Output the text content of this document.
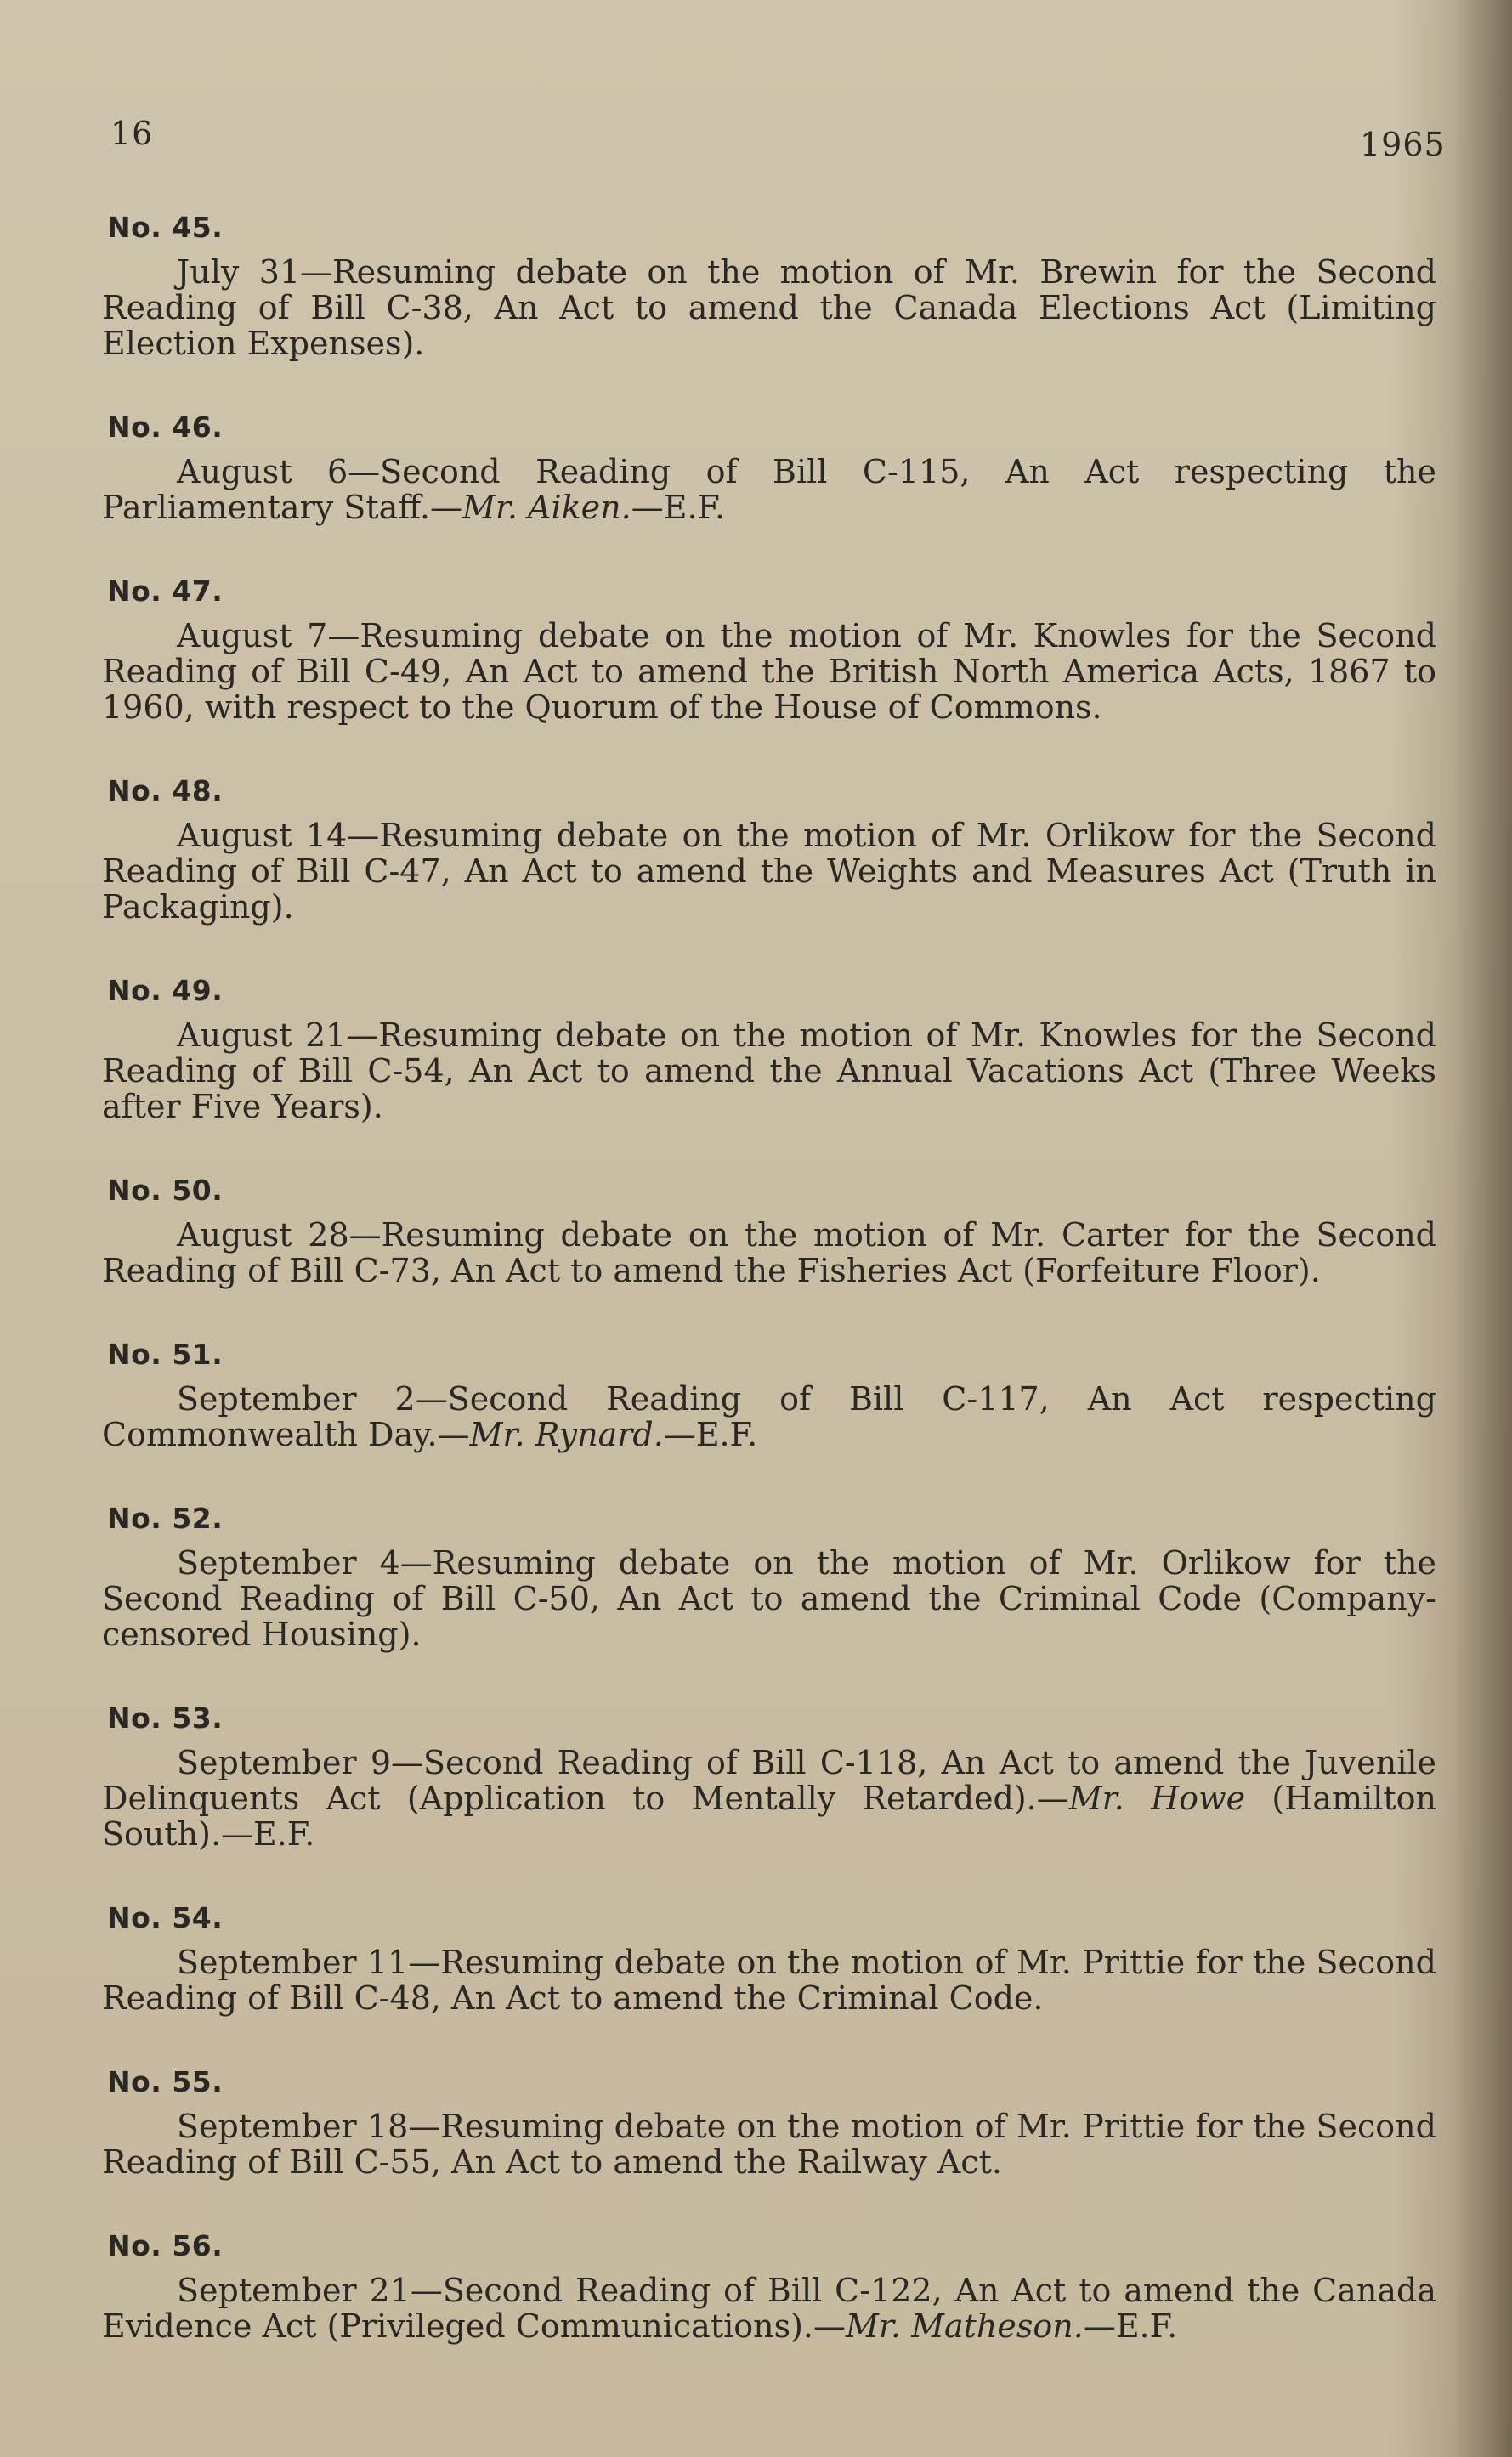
16	1965
No. 45.

July 31—Resuming debate on the motion of Mr. Brewin for the Second Reading of Bill C-38, An Act to amend the Canada Elections Act (Limiting Election Expenses).

No. 46.

August 6—Second Reading of Bill C-115, An Act respecting the Parliamentary Staff.—Mr. Aiken.—E.F.

No. 47.

August 7—Resuming debate on the motion of Mr. Knowles for the Second Reading of Bill C-49, An Act to amend the British North America Acts, 1867 to 1960, with respect to the Quorum of the House of Commons.

No. 48.

August 14—Resuming debate on the motion of Mr. Orlikow for the Second Reading of Bill C-47, An Act to amend the Weights and Measures Act (Truth in Packaging).

No. 49.

August 21—Resuming debate on the motion of Mr. Knowles for the Second Reading of Bill C-54, An Act to amend the Annual Vacations Act (Three Weeks after Five Years).

No. 50.

August 28—Resuming debate on the motion of Mr. Carter for the Second Reading of Bill C-73, An Act to amend the Fisheries Act (Forfeiture Floor).

No. 51.

September 2—Second Reading of Bill C-117, An Act respecting Commonwealth Day.—Mr. Rynard.—E.F.

No. 52.

September 4—Resuming debate on the motion of Mr. Orlikow for the Second Reading of Bill C-50, An Act to amend the Criminal Code (Company-censored Housing).

No. 53.

September 9—Second Reading of Bill C-118, An Act to amend the Juvenile Delinquents Act (Application to Mentally Retarded).—Mr. Howe (Hamilton South).—E.F.

No. 54.

September 11—Resuming debate on the motion of Mr. Prittie for the Second Reading of Bill C-48, An Act to amend the Criminal Code.

No. 55.

September 18—Resuming debate on the motion of Mr. Prittie for the Second Reading of Bill C-55, An Act to amend the Railway Act.

No. 56.

September 21—Second Reading of Bill C-122, An Act to amend the Canada Evidence Act (Privileged Communications).—Mr. Matheson.—E.F.
